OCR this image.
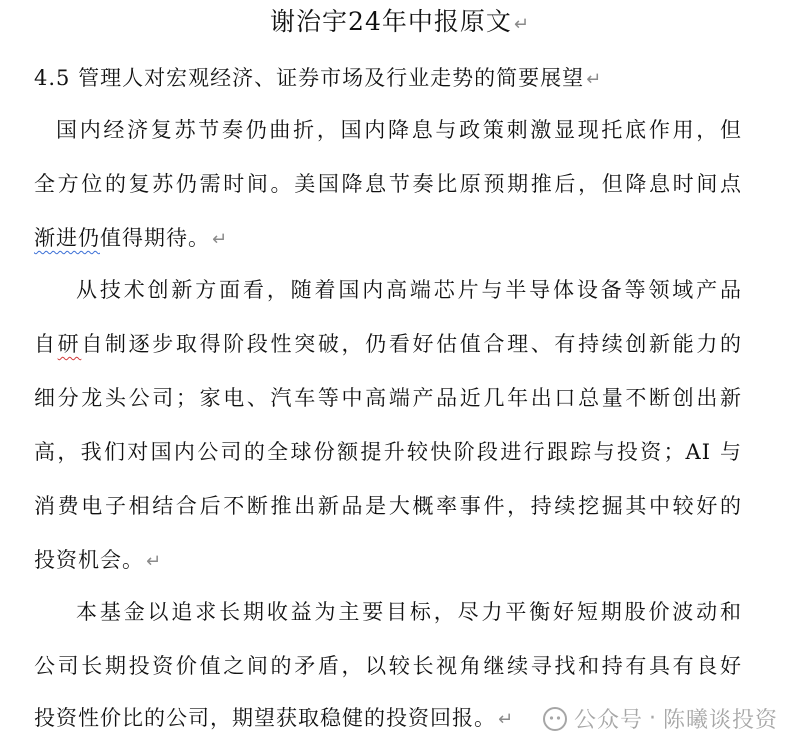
谢治宇24年中报原文 ↵
4.5 管理人对宏观经济、证券市场及行业走势的简要展望 ↵
国内经济复苏节奏仍曲折，国内降息与政策刺激显现托底作用，但
全方位的复苏仍需时间。美国降息节奏比原预期推后，但降息时间点
渐进仍值得期待。 ↵
从技术创新方面看，随着国内高端芯片与半导体设备等领域产品
自研自制逐步取得阶段性突破，仍看好估值合理、有持续创新能力的
细分龙头公司；家电、汽车等中高端产品近几年出口总量不断创出新
高，我们对国内公司的全球份额提升较快阶段进行跟踪与投资；AI 与
消费电子相结合后不断推出新品是大概率事件，持续挖掘其中较好的
投资机会。 ↵
本基金以追求长期收益为主要目标，尽力平衡好短期股价波动和
公司长期投资价值之间的矛盾，以较长视角继续寻找和持有具有良好
投资性价比的公司，期望获取稳健的投资回报。 ↵	公众号 · 陈曦谈投资
